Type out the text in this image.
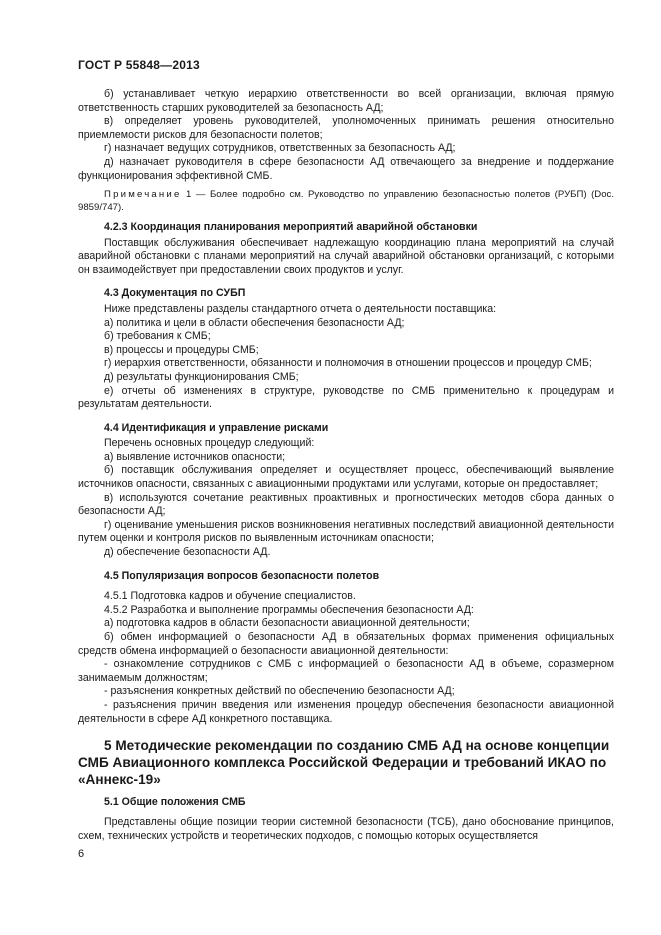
ГОСТ Р 55848—2013

б) устанавливает четкую иерархию ответственности во всей организации, включая прямую ответственность старших руководителей за безопасность АД;

в) определяет уровень руководителей, уполномоченных принимать решения относительно приемлемости рисков для безопасности полетов;

г) назначает ведущих сотрудников, ответственных за безопасность АД;

д) назначает руководителя в сфере безопасности АД отвечающего за внедрение и поддержание функционирования эффективной СМБ.

Примечание 1 — Более подробно см. Руководство по управлению безопасностью полетов (РУБП) (Doc. 9859/747).

4.2.3 Координация планирования мероприятий аварийной обстановки

Поставщик обслуживания обеспечивает надлежащую координацию плана мероприятий на случай аварийной обстановки с планами мероприятий на случай аварийной обстановки организаций, с которыми он взаимодействует при предоставлении своих продуктов и услуг.

4.3 Документация по СУБП

Ниже представлены разделы стандартного отчета о деятельности поставщика:

а) политика и цели в области обеспечения безопасности АД;

б) требования к СМБ;

в) процессы и процедуры СМБ;

г) иерархия ответственности, обязанности и полномочия в отношении процессов и процедур СМБ;

д) результаты функционирования СМБ;

е) отчеты об изменениях в структуре, руководстве по СМБ применительно к процедурам и результатам деятельности.

4.4 Идентификация и управление рисками

Перечень основных процедур следующий:

а) выявление источников опасности;

б) поставщик обслуживания определяет и осуществляет процесс, обеспечивающий выявление источников опасности, связанных с авиационными продуктами или услугами, которые он предоставляет;

в) используются сочетание реактивных проактивных и прогностических методов сбора данных о безопасности АД;

г) оценивание уменьшения рисков возникновения негативных последствий авиационной деятельности путем оценки и контроля рисков по выявленным источникам опасности;

д) обеспечение безопасности АД.

4.5 Популяризация вопросов безопасности полетов

4.5.1 Подготовка кадров и обучение специалистов.

4.5.2 Разработка и выполнение программы обеспечения безопасности АД:

а) подготовка кадров в области безопасности авиационной деятельности;

б) обмен информацией о безопасности АД в обязательных формах применения официальных средств обмена информацией о безопасности авиационной деятельности:

- ознакомление сотрудников с СМБ с информацией о безопасности АД в объеме, соразмерном занимаемым должностям;

- разъяснения конкретных действий по обеспечению безопасности АД;

- разъяснения причин введения или изменения процедур обеспечения безопасности авиационной деятельности в сфере АД конкретного поставщика.

5 Методические рекомендации по созданию СМБ АД на основе концепции СМБ Авиационного комплекса Российской Федерации и требований ИКАО по «Аннекс-19»
5.1 Общие положения СМБ

Представлены общие позиции теории системной безопасности (ТСБ), дано обоснование принципов, схем, технических устройств и теоретических подходов, с помощью которых осуществляется

6
